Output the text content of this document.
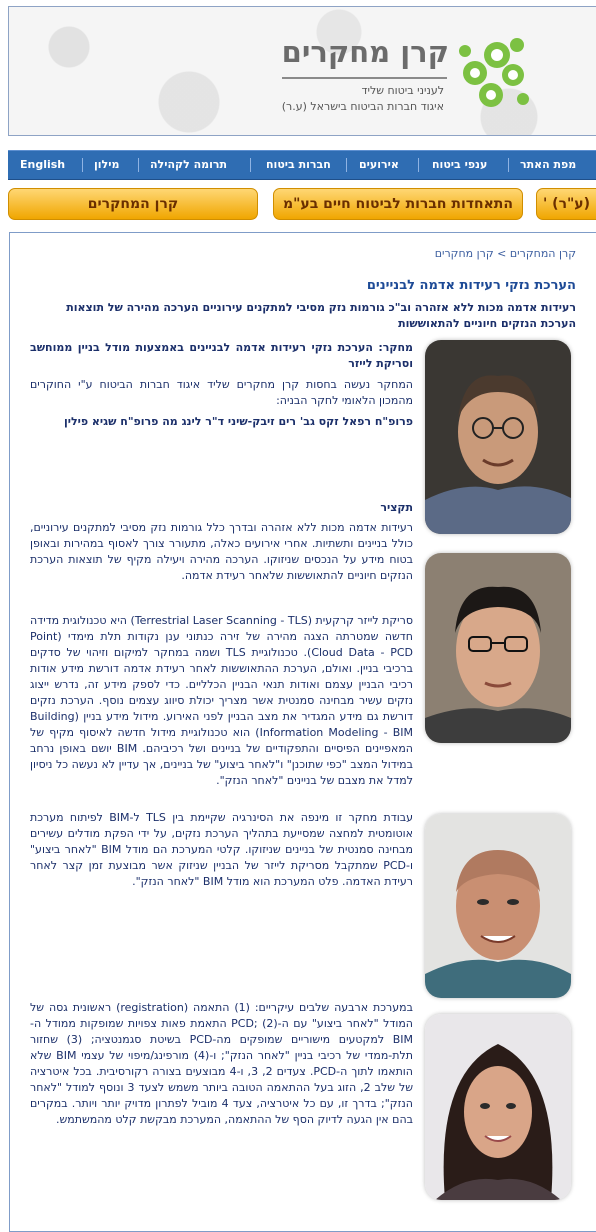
קרן מחקרים
לעניני ביטוח שליד
איגוד חברות הביטוח בישראל (ע.ר)
מפת האתר
ענפי ביטוח
אירועים
חברות ביטוח
תרומה לקהילה
מילון
English
קרן המחקרים	התאחדות חברות לביטוח חיים בע"מ	' (ע"ר)
קרן המחקרים > קרן מחקרים
הערכת נזקי רעידות אדמה לבניינים
רעידות אדמה מכות ללא אזהרה וב"כ גורמות נזק מסיבי למתקנים עירוניים הערכה מהירה של תוצאות הערכת הנזקים חיוניים להתאוששות
מחקר: הערכת נזקי רעידות אדמה לבניינים באמצעות מודל בניין ממוחשב וסריקת לייזר
המחקר נעשה בחסות קרן מחקרים שליד איגוד חברות הביטוח ע"י החוקרים מהמכון הלאומי לחקר הבניה:
פרופ"ח רפאל זקס גב' רים זיבק-שיני ד"ר לינג מה פרופ"ח שגיא פילין
תקציר
רעידות אדמה מכות ללא אזהרה ובדרך כלל גורמות נזק מסיבי למתקנים עירוניים, כולל בניינים ותשתיות. אחרי אירועים כאלה, מתעורר צורך לאסוף במהירות ובאופן בטוח מידע על הנכסים שניזוקו. הערכה מהירה ויעילה מקיף של תוצאות הערכת הנזקים חיוניים להתאוששות שלאחר רעידת אדמה.
סריקת לייזר קרקעית (Terrestrial Laser Scanning - TLS) היא טכנולוגית מדידה חדשה שמטרתה הצגה מהירה של זירה כנתוני ענן נקודות תלת מימדי (Point Cloud Data - PCD). טכנולוגיית TLS ושמה במחקר למיקום וזיהוי של סדקים ברכיבי בניין. ואולם, הערכת ההתאוששות לאחר רעידת אדמה דורשת מידע אודות רכיבי הבניין עצמם ואודות תנאי הבניין הכלליים. כדי לספק מידע זה, נדרש ייצוג נזקים עשיר מבחינה סמנטית אשר מצריך יכולת סיווג עצמים נוסף. הערכת נזקים דורשת גם מידע המגדיר את מצב הבניין לפני האירוע. מידול מידע בניין (Building Information Modeling - BIM) הוא טכנולוגיית מידול חדשה לאיסוף מקיף של המאפיינים הפיסיים והתפקודיים של בניינים ושל רכיביהם. BIM יושם באופן נרחב במידול המצב "כפי שתוכנן" ו"לאחר ביצוע" של בניינים, אך עדיין לא נעשה כל ניסיון למדל את מצבם של בניינים "לאחר הנזק".
עבודת מחקר זו מינפה את הסינרגיה שקיימת בין TLS ל-BIM לפיתוח מערכת אוטומטית למחצה שמסייעת בתהליך הערכת נזקים, על ידי הפקת מודלים עשירים מבחינה סמנטית של בניינים שניזוקו. קלטי המערכת הם מודל BIM "לאחר ביצוע" ו-PCD שמתקבל מסריקת לייזר של הבניין שניזוק אשר מבוצעת זמן קצר לאחר רעידת האדמה. פלט המערכת הוא מודל BIM "לאחר הנזק".
במערכת ארבעה שלבים עיקריים: (1) התאמה (registration) ראשונית גסה של המודל "לאחר ביצוע" עם ה-PCD; (2) התאמת פאות צפויות שמופקות ממודל ה-BIM למקטעים מישוריים שמופקים מה-PCD בשיטת סגמנטציה; (3) שחזור תלת-ממדי של רכיבי בניין "לאחר הנזק"; ו-(4) מורפינג/מיפוי של עצמי BIM שלא הותאמו לתוך ה-PCD. צעדים 2, 3, ו-4 מבוצעים בצורה רקורסיבית. בכל איטרציה של שלב 2, הזוג בעל ההתאמה הטובה ביותר משמש לצעד 3 ונוסף למודל "לאחר הנזק"; בדרך זו, עם כל איטרציה, צעד 4 מוביל לפתרון מדויק יותר ויותר. במקרים בהם אין הגעה לדיוק הסף של ההתאמה, המערכת מבקשת קלט מהמשתמש.
